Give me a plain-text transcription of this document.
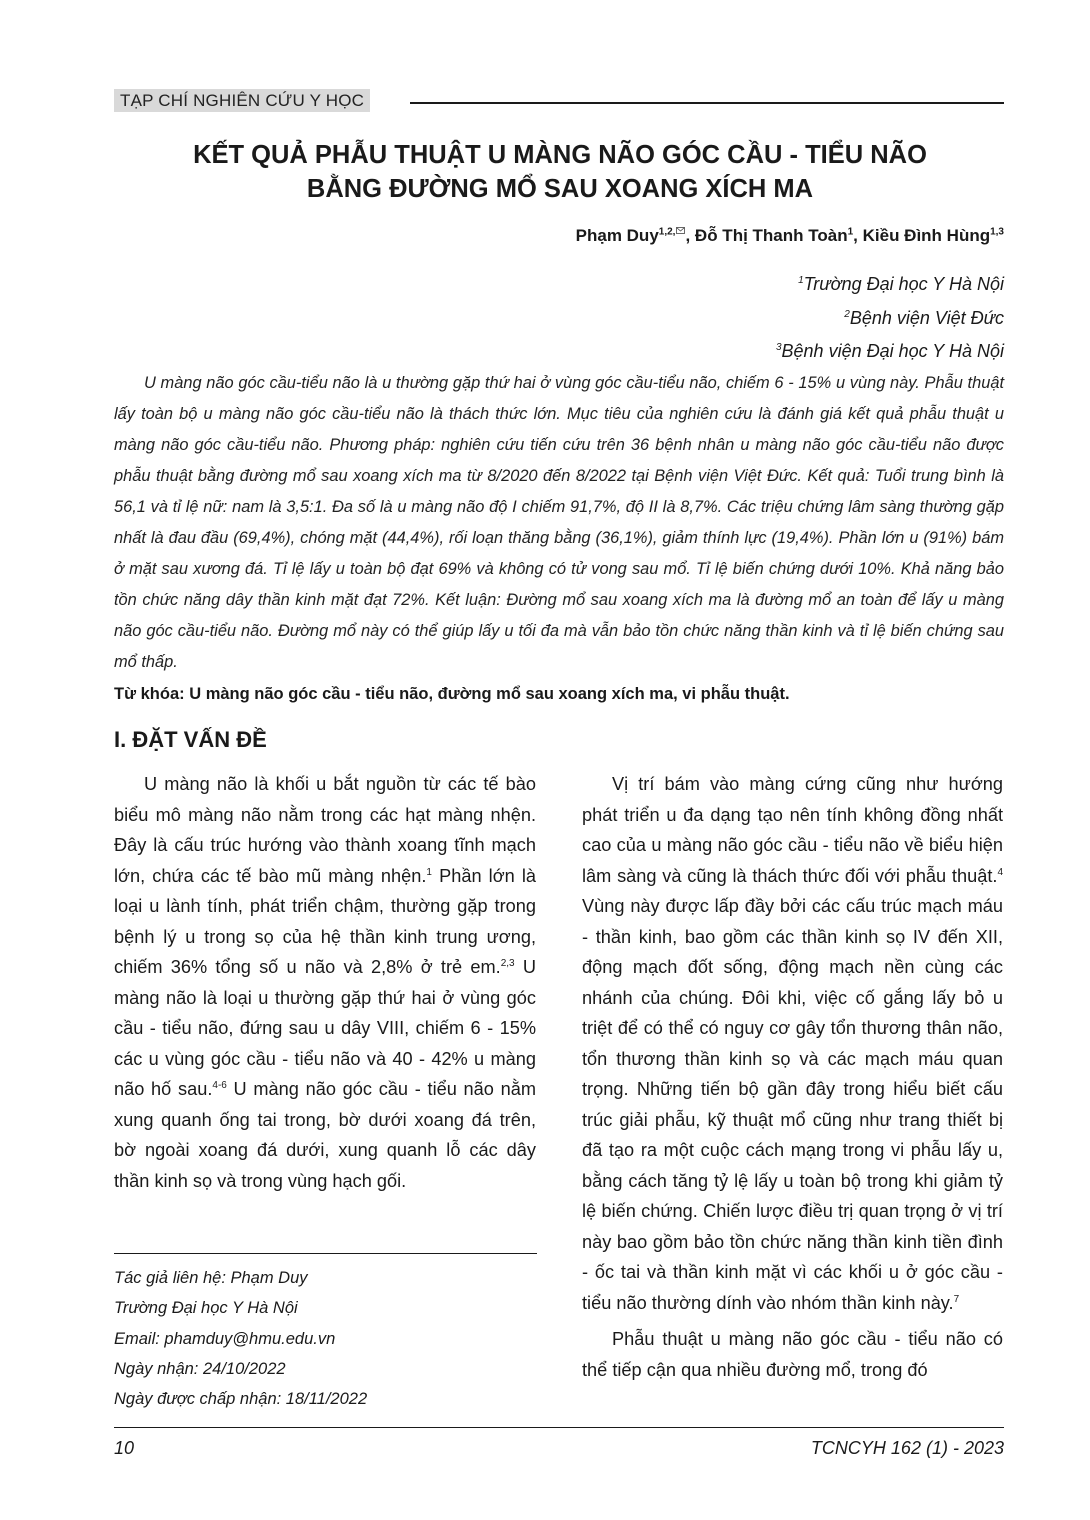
TẠP CHÍ NGHIÊN CỨU Y HỌC
KẾT QUẢ PHẪU THUẬT U MÀNG NÃO GÓC CẦU - TIỂU NÃO
BẰNG ĐƯỜNG MỔ SAU XOANG XÍCH MA
Phạm Duy$^{1,2,}$ , Đỗ Thị Thanh Toàn$^1$, Kiều Đình Hùng$^{1,3}$
$^1$Trường Đại học Y Hà Nội
$^2$Bệnh viện Việt Đức
$^3$Bệnh viện Đại học Y Hà Nội

U màng não góc cầu-tiểu não là u thường gặp thứ hai ở vùng góc cầu-tiểu não, chiếm 6 - 15% u vùng này. Phẫu thuật lấy toàn bộ u màng não góc cầu-tiểu não là thách thức lớn. Mục tiêu của nghiên cứu là đánh giá kết quả phẫu thuật u màng não góc cầu-tiểu não. Phương pháp: nghiên cứu tiến cứu trên 36 bệnh nhân u màng não góc cầu-tiểu não được phẫu thuật bằng đường mổ sau xoang xích ma từ 8/2020 đến 8/2022 tại Bệnh viện Việt Đức. Kết quả: Tuổi trung bình là 56,1 và tỉ lệ nữ: nam là 3,5:1. Đa số là u màng não độ I chiếm 91,7%, độ II là 8,7%. Các triệu chứng lâm sàng thường gặp nhất là đau đầu (69,4%), chóng mặt (44,4%), rối loạn thăng bằng (36,1%), giảm thính lực (19,4%). Phần lớn u (91%) bám ở mặt sau xương đá. Tỉ lệ lấy u toàn bộ đạt 69% và không có tử vong sau mổ. Tỉ lệ biến chứng dưới 10%. Khả năng bảo tồn chức năng dây thần kinh mặt đạt 72%. Kết luận: Đường mổ sau xoang xích ma là đường mổ an toàn để lấy u màng não góc cầu-tiểu não. Đường mổ này có thể giúp lấy u tối đa mà vẫn bảo tồn chức năng thần kinh và tỉ lệ biến chứng sau mổ thấp.

Từ khóa: U màng não góc cầu - tiểu não, đường mổ sau xoang xích ma, vi phẫu thuật.
I. ĐẶT VẤN ĐỀ

U màng não là khối u bắt nguồn từ các tế bào biểu mô màng não nằm trong các hạt màng nhện. Đây là cấu trúc hướng vào thành xoang tĩnh mạch lớn, chứa các tế bào mũ màng nhện.$^1$ Phần lớn là loại u lành tính, phát triển chậm, thường gặp trong bệnh lý u trong sọ của hệ thần kinh trung ương, chiếm 36% tổng số u não và 2,8% ở trẻ em.$^{2,3}$ U màng não là loại u thường gặp thứ hai ở vùng góc cầu - tiểu não, đứng sau u dây VIII, chiếm 6 - 15% các u vùng góc cầu - tiểu não và 40 - 42% u màng não hố sau.$^{4-6}$ U màng não góc cầu - tiểu não nằm xung quanh ống tai trong, bờ dưới xoang đá trên, bờ ngoài xoang đá dưới, xung quanh lỗ các dây thần kinh sọ và trong vùng hạch gối.

Vị trí bám vào màng cứng cũng như hướng phát triển u đa dạng tạo nên tính không đồng nhất cao của u màng não góc cầu - tiểu não về biểu hiện lâm sàng và cũng là thách thức đối với phẫu thuật.$^4$ Vùng này được lấp đầy bởi các cấu trúc mạch máu - thần kinh, bao gồm các thần kinh sọ IV đến XII, động mạch đốt sống, động mạch nền cùng các nhánh của chúng. Đôi khi, việc cố gắng lấy bỏ u triệt để có thể có nguy cơ gây tổn thương thân não, tổn thương thần kinh sọ và các mạch máu quan trọng. Những tiến bộ gần đây trong hiểu biết cấu trúc giải phẫu, kỹ thuật mổ cũng như trang thiết bị đã tạo ra một cuộc cách mạng trong vi phẫu lấy u, bằng cách tăng tỷ lệ lấy u toàn bộ trong khi giảm tỷ lệ biến chứng. Chiến lược điều trị quan trọng ở vị trí này bao gồm bảo tồn chức năng thần kinh tiền đình - ốc tai và thần kinh mặt vì các khối u ở góc cầu - tiểu não thường dính vào nhóm thần kinh này.$^7$

Phẫu thuật u màng não góc cầu - tiểu não có thể tiếp cận qua nhiều đường mổ, trong đó

Tác giả liên hệ: Phạm Duy
Trường Đại học Y Hà Nội
Email: phamduy@hmu.edu.vn
Ngày nhận: 24/10/2022
Ngày được chấp nhận: 18/11/2022
10	TCNCYH 162 (1) - 2023
